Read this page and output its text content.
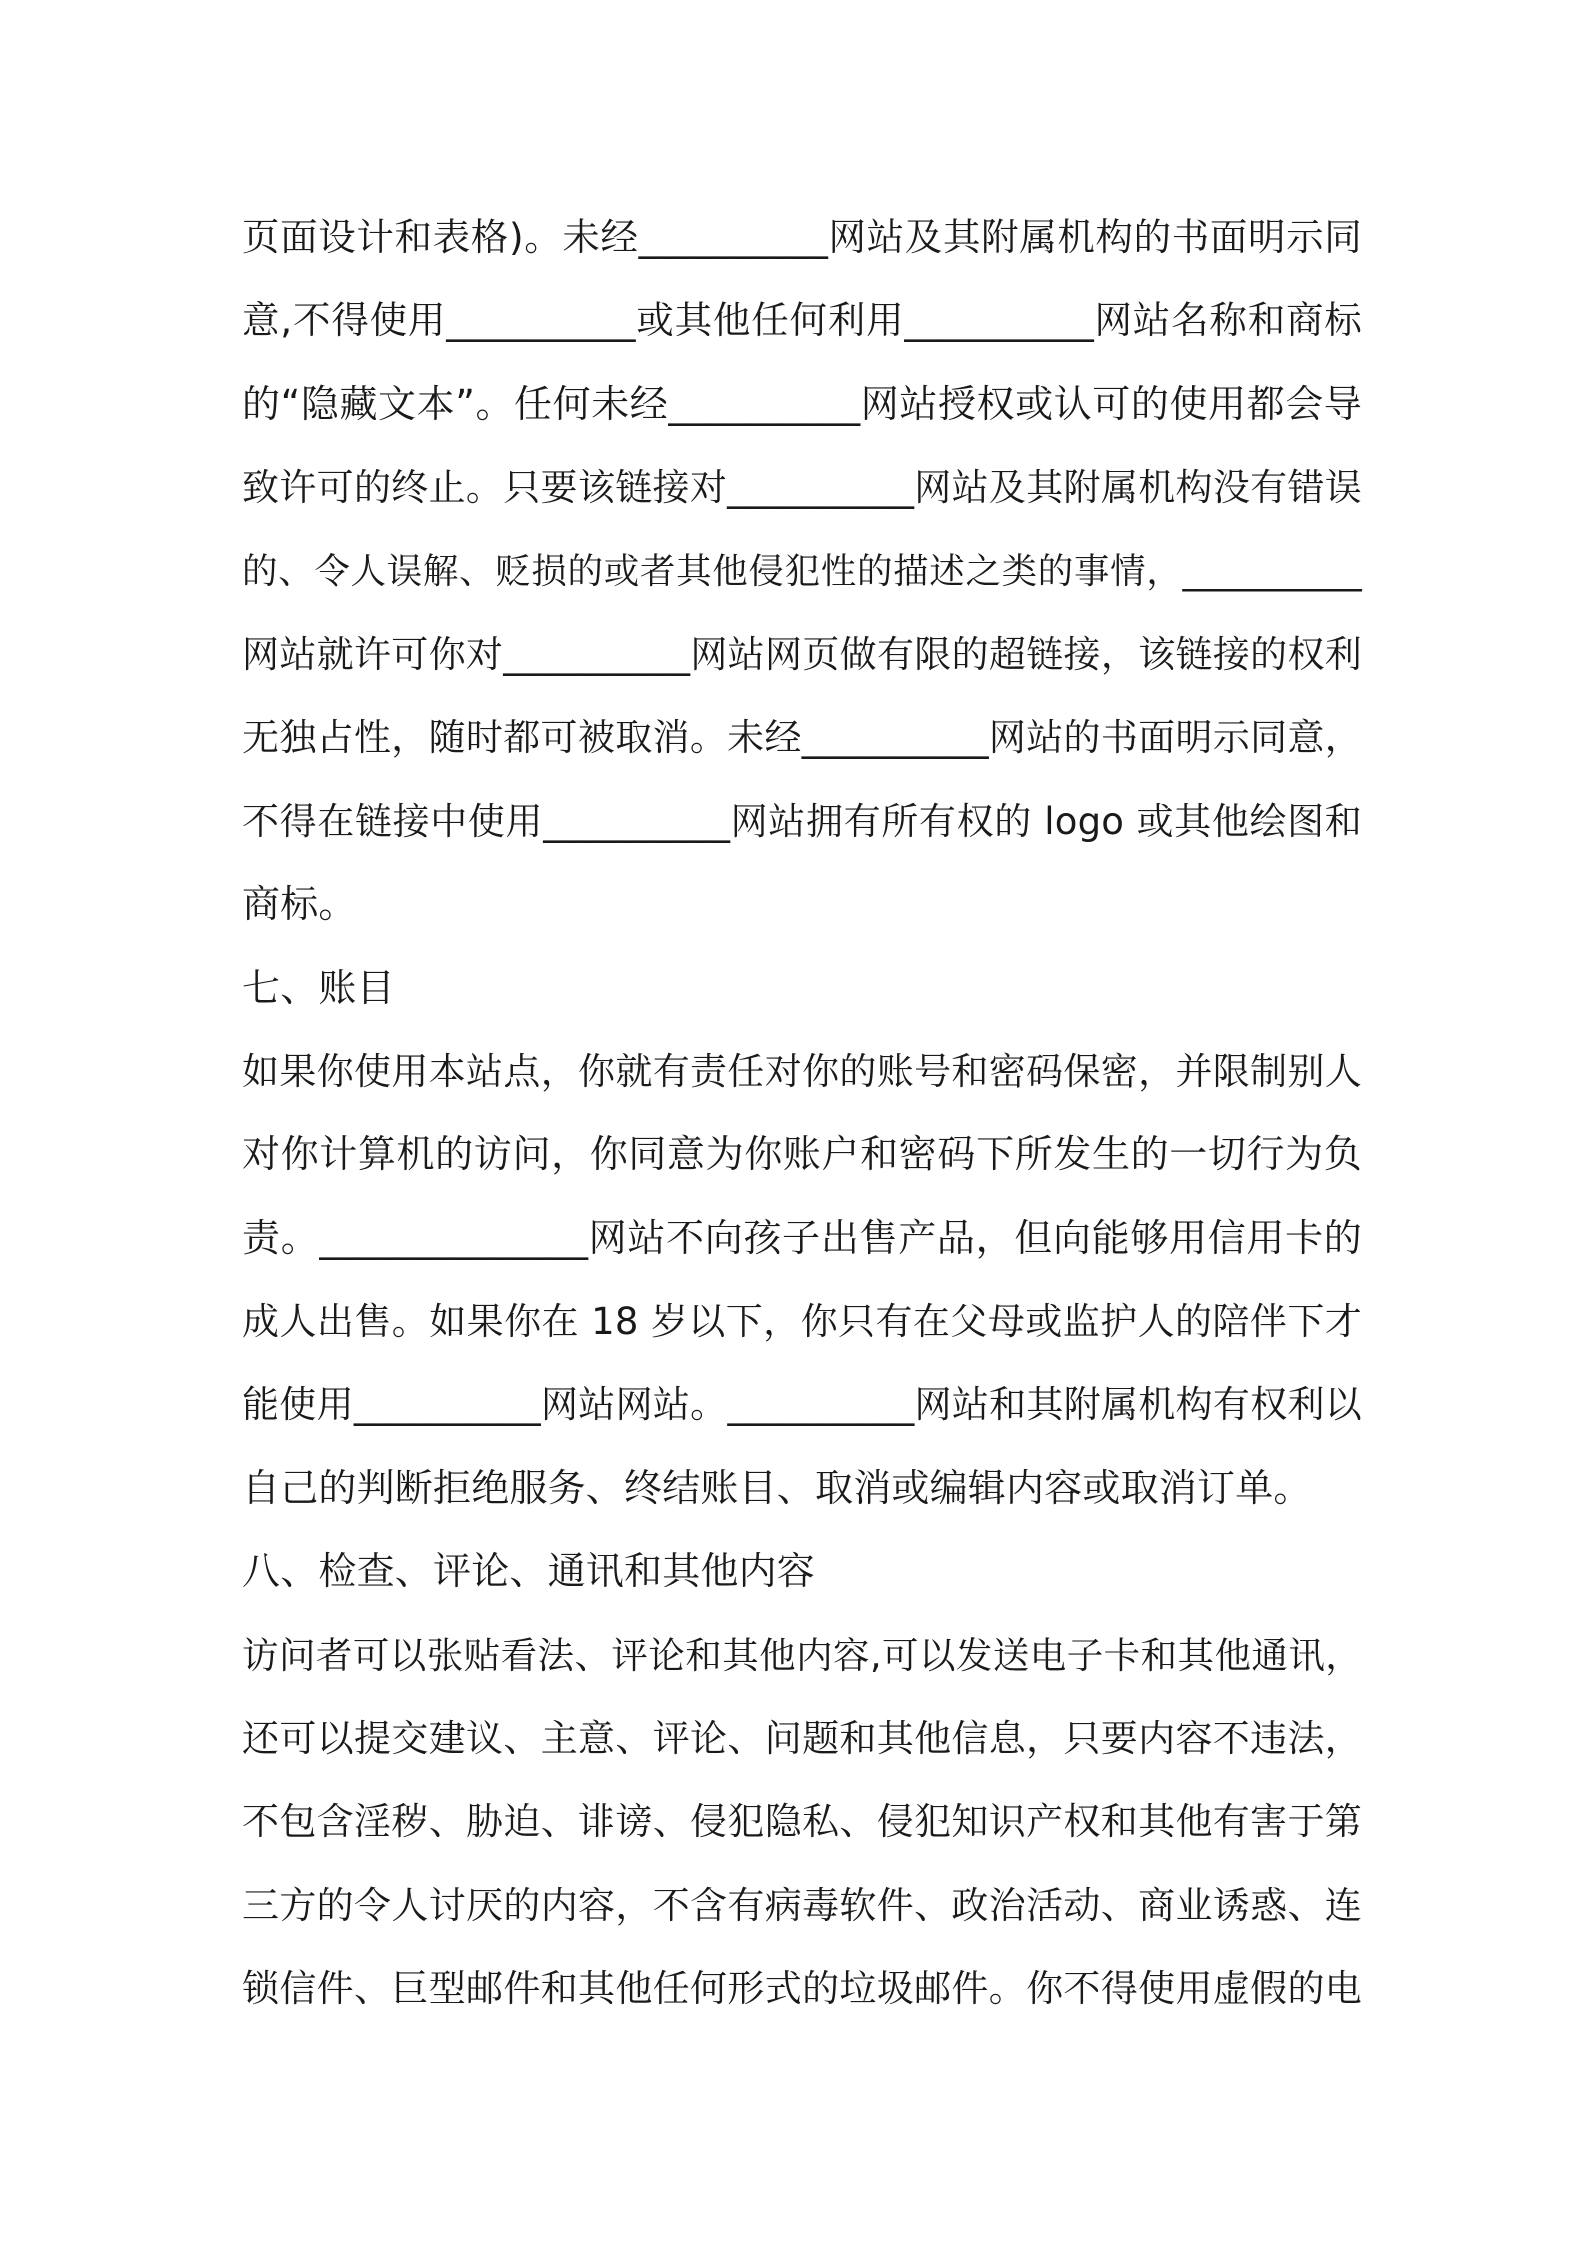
页面设计和表格)。未经__________网站及其附属机构的书面明示同
意,不得使用__________或其他任何利用__________网站名称和商标
的“隐藏文本”。任何未经__________网站授权或认可的使用都会导
致许可的终止。只要该链接对__________网站及其附属机构没有错误
的、令人误解、贬损的或者其他侵犯性的描述之类的事情，__________
网站就许可你对__________网站网页做有限的超链接，该链接的权利
无独占性，随时都可被取消。未经__________网站的书面明示同意，
不得在链接中使用__________网站拥有所有权的 logo 或其他绘图和
商标。
七、账目
如果你使用本站点，你就有责任对你的账号和密码保密，并限制别人
对你计算机的访问，你同意为你账户和密码下所发生的一切行为负
责。______________网站不向孩子出售产品，但向能够用信用卡的
成人出售。如果你在 18 岁以下，你只有在父母或监护人的陪伴下才
能使用__________网站网站。__________网站和其附属机构有权利以
自己的判断拒绝服务、终结账目、取消或编辑内容或取消订单。
八、检查、评论、通讯和其他内容
访问者可以张贴看法、评论和其他内容,可以发送电子卡和其他通讯，
还可以提交建议、主意、评论、问题和其他信息，只要内容不违法，
不包含淫秽、胁迫、诽谤、侵犯隐私、侵犯知识产权和其他有害于第
三方的令人讨厌的内容，不含有病毒软件、政治活动、商业诱惑、连
锁信件、巨型邮件和其他任何形式的垃圾邮件。你不得使用虚假的电
